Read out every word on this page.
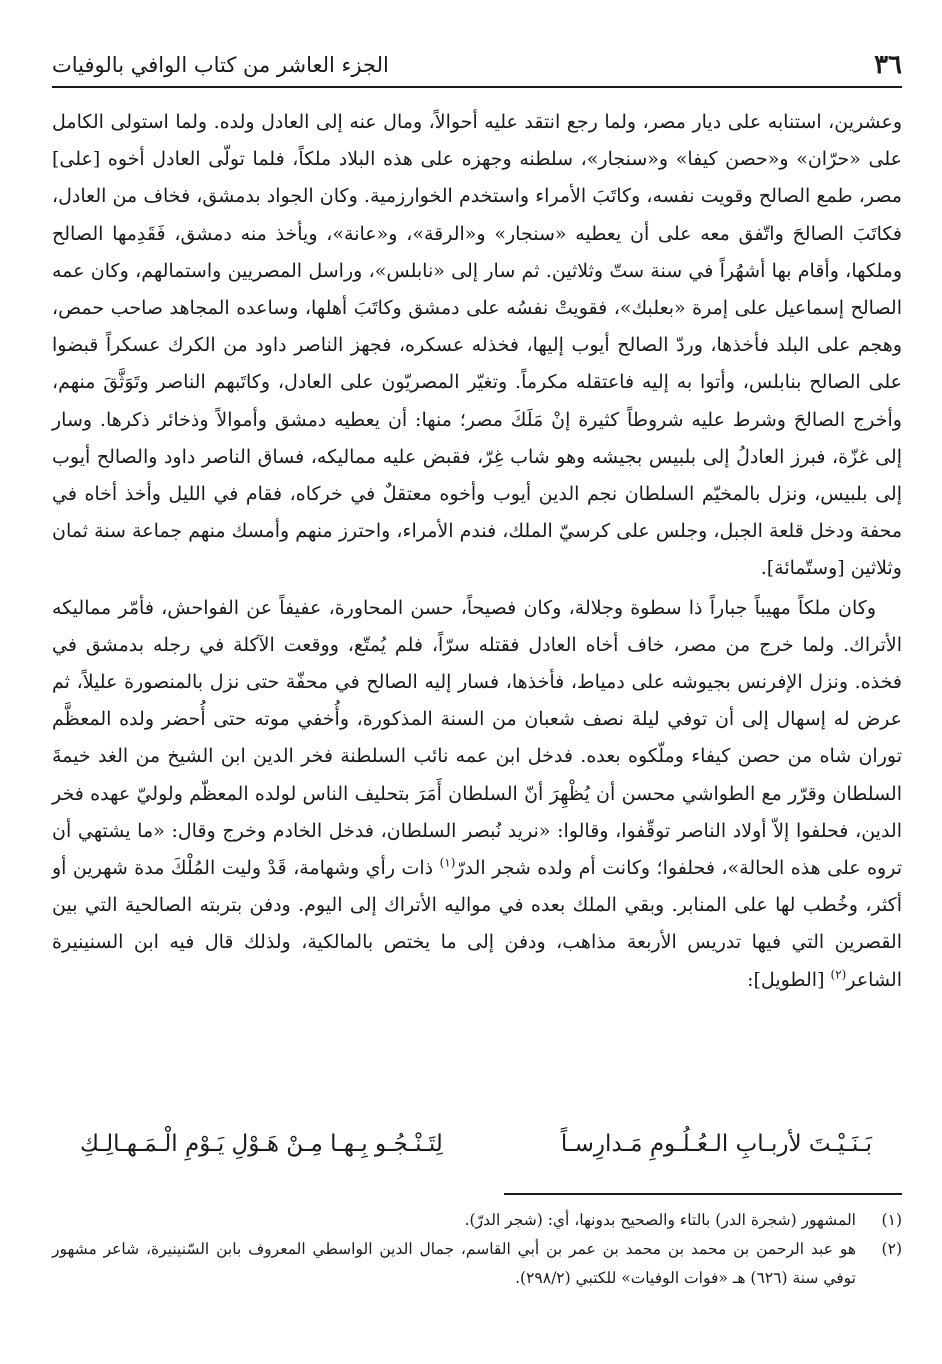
٣٦
الجزء العاشر من كتاب الوافي بالوفيات

وعشرين، استنابه على ديار مصر، ولما رجع انتقد عليه أحوالاً، ومال عنه إلى العادل ولده. ولما استولى الكامل على «حرّان» و«حصن كيفا» و«سنجار»، سلطنه وجهزه على هذه البلاد ملكاً، فلما تولّى العادل أخوه [على] مصر، طمع الصالح وقويت نفسه، وكاتَبَ الأمراء واستخدم الخوارزمية. وكان الجواد بدمشق، فخاف من العادل، فكاتَبَ الصالحَ واتّفق معه على أن يعطيه «سنجار» و«الرقة»، و«عانة»، ويأخذ منه دمشق، فَقَدِمها الصالح وملكها، وأقام بها أشهُراً في سنة ستّ وثلاثين. ثم سار إلى «نابلس»، وراسل المصريين واستمالهم، وكان عمه الصالح إسماعيل على إمرة «بعلبك»، فقويتْ نفسُه على دمشق وكاتَبَ أهلها، وساعده المجاهد صاحب حمص، وهجم على البلد فأخذها، وردّ الصالح أيوب إليها، فخذله عسكره، فجهز الناصر داود من الكرك عسكراً قبضوا على الصالح بنابلس، وأتوا به إليه فاعتقله مكرماً. وتغيّر المصريّون على العادل، وكاتَبهم الناصر وتَوَثَّقَ منهم، وأخرج الصالحَ وشرط عليه شروطاً كثيرة إنْ مَلَكَ مصر؛ منها: أن يعطيه دمشق وأموالاً وذخائر ذكرها. وسار إلى غزّة، فبرز العادلُ إلى بلبيس بجيشه وهو شاب غِرّ، فقبض عليه مماليكه، فساق الناصر داود والصالح أيوب إلى بلبيس، ونزل بالمخيّم السلطان نجم الدين أيوب وأخوه معتقلٌ في خركاه، فقام في الليل وأخذ أخاه في محفة ودخل قلعة الجبل، وجلس على كرسيّ الملك، فندم الأمراء، واحترز منهم وأمسك منهم جماعة سنة ثمان وثلاثين [وستّمائة].

وكان ملكاً مهيباً جباراً ذا سطوة وجلالة، وكان فصيحاً، حسن المحاورة، عفيفاً عن الفواحش، فأمّر مماليكه الأتراك. ولما خرج من مصر، خاف أخاه العادل فقتله سرّاً، فلم يُمتّع، ووقعت الآكلة في رجله بدمشق في فخذه. ونزل الإفرنس بجيوشه على دمياط، فأخذها، فسار إليه الصالح في محفّة حتى نزل بالمنصورة عليلاً، ثم عرض له إسهال إلى أن توفي ليلة نصف شعبان من السنة المذكورة، وأُخفي موته حتى أُحضر ولده المعظَّم توران شاه من حصن كيفاء وملّكوه بعده. فدخل ابن عمه نائب السلطنة فخر الدين ابن الشيخ من الغد خيمةَ السلطان وقرّر مع الطواشي محسن أن يُظْهِرَ أنّ السلطان أَمَرَ بتحليف الناس لولده المعظّم ولوليّ عهده فخر الدين، فحلفوا إلاّ أولاد الناصر توقّفوا، وقالوا: «نريد نُبصر السلطان، فدخل الخادم وخرج وقال: «ما يشتهي أن تروه على هذه الحالة»، فحلفوا؛ وكانت أم ولده شجر الدرّ$^{(١)}$ ذات رأي وشهامة، قَدْ وليت المُلْكَ مدة شهرين أو أكثر، وخُطب لها على المنابر. وبقي الملك بعده في مواليه الأتراك إلى اليوم. ودفن بتربته الصالحية التي بين القصرين التي فيها تدريس الأربعة مذاهب، ودفن إلى ما يختص بالمالكية، ولذلك قال فيه ابن السنينيرة الشاعر$^{(٢)}$ [الطويل]:

بَـنَـيْـتَ لأربـابِ الـعُـلُـومِ مَـدارِسـاً
لِتَـنْـجُـو بِـهـا مِـنْ هَـوْلِ يَـوْمِ الْـمَـهـالِـكِ
(١)
المشهور (شجرة الدر) بالتاء والصحيح بدونها، أي: (شجر الدرّ).
(٢)
هو عبد الرحمن بن محمد بن محمد بن عمر بن أبي القاسم، جمال الدين الواسطي المعروف بابن السّنينيرة، شاعر مشهور توفي سنة (٦٢٦) هـ «فوات الوفيات» للكتبي (٢٩٨/٢).
